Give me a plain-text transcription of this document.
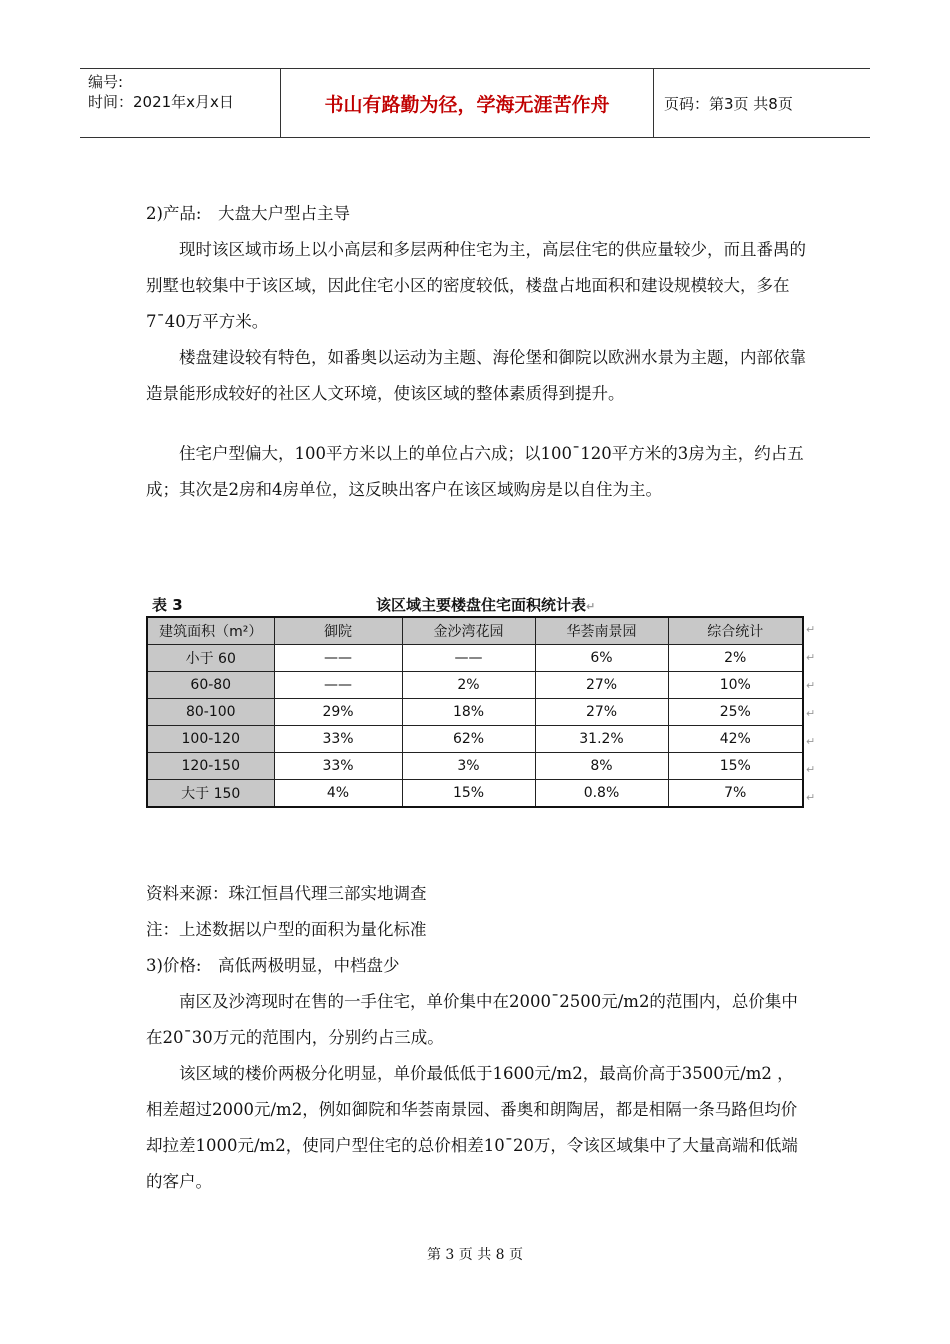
编号:
时间：2021年x月x日	书山有路勤为径，学海无涯苦作舟	页码：第3页 共8页

2)产品:　大盘大户型占主导

现时该区域市场上以小高层和多层两种住宅为主，高层住宅的供应量较少，而且番禺的别墅也较集中于该区域，因此住宅小区的密度较低，楼盘占地面积和建设规模较大，多在7¯40万平方米。

楼盘建设较有特色，如番奥以运动为主题、海伦堡和御院以欧洲水景为主题，内部依靠造景能形成较好的社区人文环境，使该区域的整体素质得到提升。

住宅户型偏大，100平方米以上的单位占六成；以100¯120平方米的3房为主，约占五成；其次是2房和4房单位，这反映出客户在该区域购房是以自住为主。

表 3	该区域主要楼盘住宅面积统计表↵
建筑面积（m²）	御院	金沙湾花园	华荟南景园	综合统计
小于 60	——	——	6%	2%
60-80	——	2%	27%	10%
80-100	29%	18%	27%	25%
100-120	33%	62%	31.2%	42%
120-150	33%	3%	8%	15%
大于 150	4%	15%	0.8%	7%
↵
↵
↵
↵
↵
↵
↵

资料来源：珠江恒昌代理三部实地调查

注：上述数据以户型的面积为量化标准

3)价格:　高低两极明显，中档盘少

南区及沙湾现时在售的一手住宅，单价集中在2000¯2500元/m2的范围内，总价集中在20¯30万元的范围内，分别约占三成。

该区域的楼价两极分化明显，单价最低低于1600元/m2，最高价高于3500元/m2 ，相差超过2000元/m2，例如御院和华荟南景园、番奥和朗陶居，都是相隔一条马路但均价却拉差1000元/m2，使同户型住宅的总价相差10¯20万，令该区域集中了大量高端和低端的客户。

第 3 页 共 8 页
